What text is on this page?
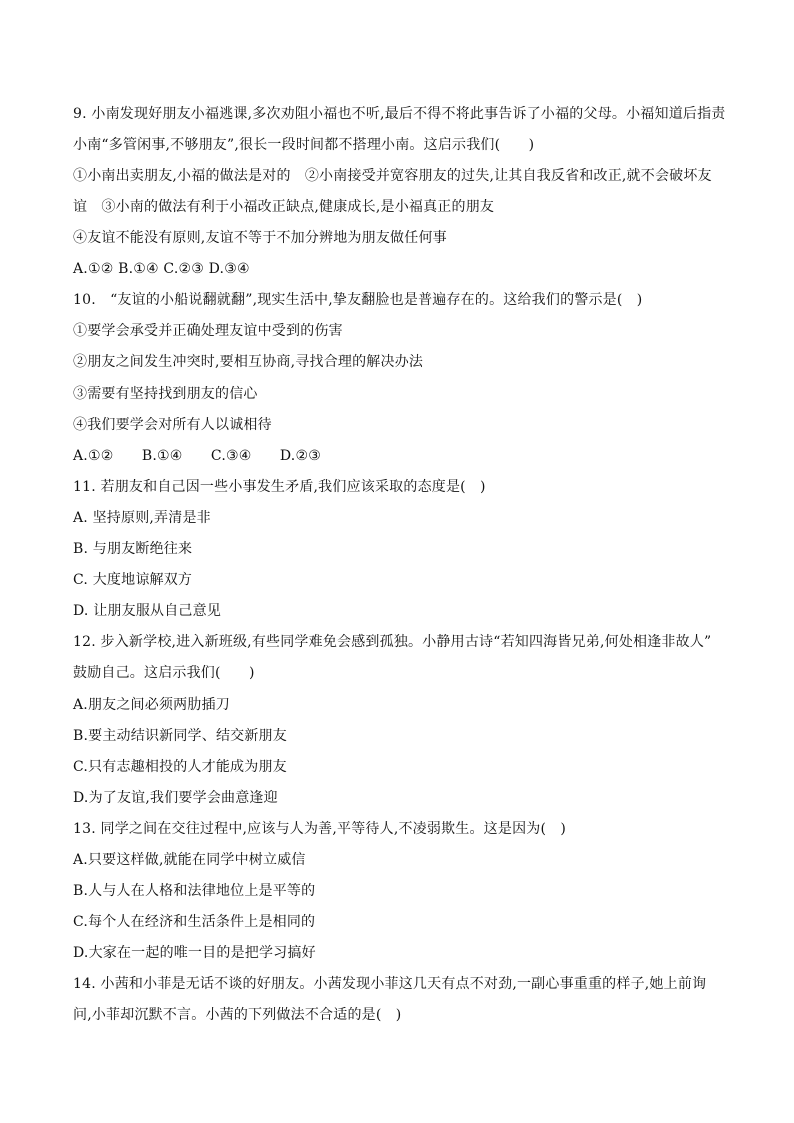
9. 小南发现好朋友小福逃课,多次劝阻小福也不听,最后不得不将此事告诉了小福的父母。小福知道后指责
小南“多管闲事,不够朋友”,很长一段时间都不搭理小南。这启示我们(　　)
①小南出卖朋友,小福的做法是对的　②小南接受并宽容朋友的过失,让其自我反省和改正,就不会破坏友
谊　③小南的做法有利于小福改正缺点,健康成长,是小福真正的朋友
④友谊不能没有原则,友谊不等于不加分辨地为朋友做任何事
A.①② B.①④ C.②③ D.③④
10.　“友谊的小船说翻就翻”,现实生活中,挚友翻脸也是普遍存在的。这给我们的警示是(　)
①要学会承受并正确处理友谊中受到的伤害
②朋友之间发生冲突时,要相互协商,寻找合理的解决办法
③需要有坚持找到朋友的信心
④我们要学会对所有人以诚相待
A.①②　　B.①④　　C.③④　　D.②③
11. 若朋友和自己因一些小事发生矛盾,我们应该采取的态度是(　)
A. 坚持原则,弄清是非
B. 与朋友断绝往来
C. 大度地谅解双方
D. 让朋友服从自己意见
12. 步入新学校,进入新班级,有些同学难免会感到孤独。小静用古诗“若知四海皆兄弟,何处相逢非故人”
鼓励自己。这启示我们(　　)
A.朋友之间必须两肋插刀
B.要主动结识新同学、结交新朋友
C.只有志趣相投的人才能成为朋友
D.为了友谊,我们要学会曲意逢迎
13. 同学之间在交往过程中,应该与人为善,平等待人,不凌弱欺生。这是因为(　)
A.只要这样做,就能在同学中树立威信
B.人与人在人格和法律地位上是平等的
C.每个人在经济和生活条件上是相同的
D.大家在一起的唯一目的是把学习搞好
14. 小茜和小菲是无话不谈的好朋友。小茜发现小菲这几天有点不对劲,一副心事重重的样子,她上前询
问,小菲却沉默不言。小茜的下列做法不合适的是(　)
